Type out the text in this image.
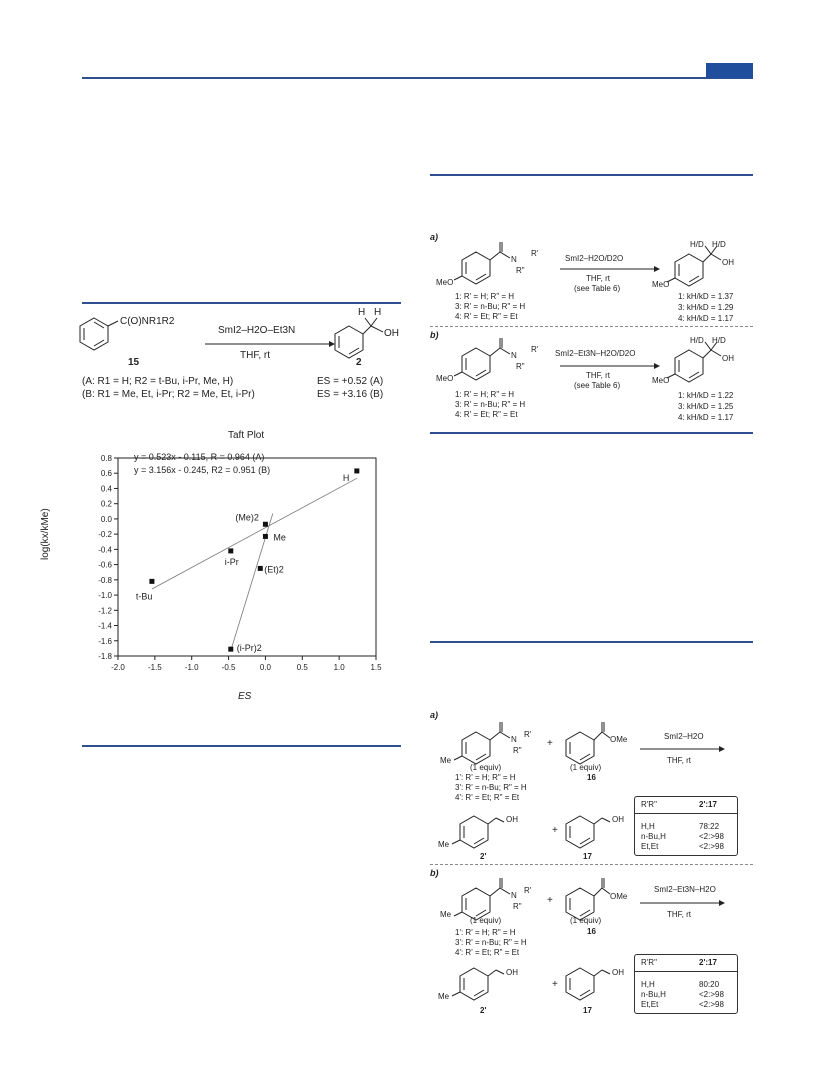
C(O)NR1R2
15
SmI2–H2O–Et3N
THF, rt
H H
OH
2
(A: R1 = H; R2 = t-Bu, i-Pr, Me, H)
(B: R1 = Me, Et, i-Pr; R2 = Me, Et, i-Pr)
ES = +0.52 (A)
ES = +3.16 (B)
Taft Plot
-2.0	-1.5	-1.0	-0.5	0.0	0.5	1.0	1.5
0.8
0.6
0.4
0.2
0.0
-0.2
-0.4
-0.6
-0.8
-1.0
-1.2
-1.4
-1.6
-1.8
H
(Me)2
Me
i-Pr
(Et)2
t-Bu
(i-Pr)2
y = 0.523x - 0.115, R = 0.964 (A)
y = 3.156x - 0.245, R2 = 0.951 (B)
ES
log(kx/kMe)
a)
N
R'
R"
MeO
SmI2–H2O/D2O
THF, rt
(see Table 6)
H/D H/D
OH
MeO
1: R' = H; R" = H
3: R' = n-Bu; R" = H
4: R' = Et; R" = Et
1: kH/kD = 1.37
3: kH/kD = 1.29
4: kH/kD = 1.17
b)
N
R'
R"
MeO
SmI2–Et3N–H2O/D2O
THF, rt
(see Table 6)
H/D H/D
OH
MeO
1: R' = H; R" = H
3: R' = n-Bu; R" = H
4: R' = Et; R" = Et
1: kH/kD = 1.22
3: kH/kD = 1.25
4: kH/kD = 1.17
a)
N
R'
R"
Me
(1 equiv)
1': R' = H; R" = H
3': R' = n-Bu; R" = H
4': R' = Et; R" = Et
+	OMe
(1 equiv)
16
SmI2–H2O
THF, rt
OH
Me
2'
+
OH
17
R'R"	2':17
H,H	78:22
n-Bu,H	<2:>98
Et,Et	<2:>98
b)
N
R'
R"
Me
(1 equiv)
1': R' = H; R" = H
3': R' = n-Bu; R" = H
4': R' = Et; R" = Et
+	OMe
(1 equiv)
16
SmI2–Et3N–H2O
THF, rt
OH
Me
2'
+
OH
17
R'R"	2':17
H,H	80:20
n-Bu,H	<2:>98
Et,Et	<2:>98
